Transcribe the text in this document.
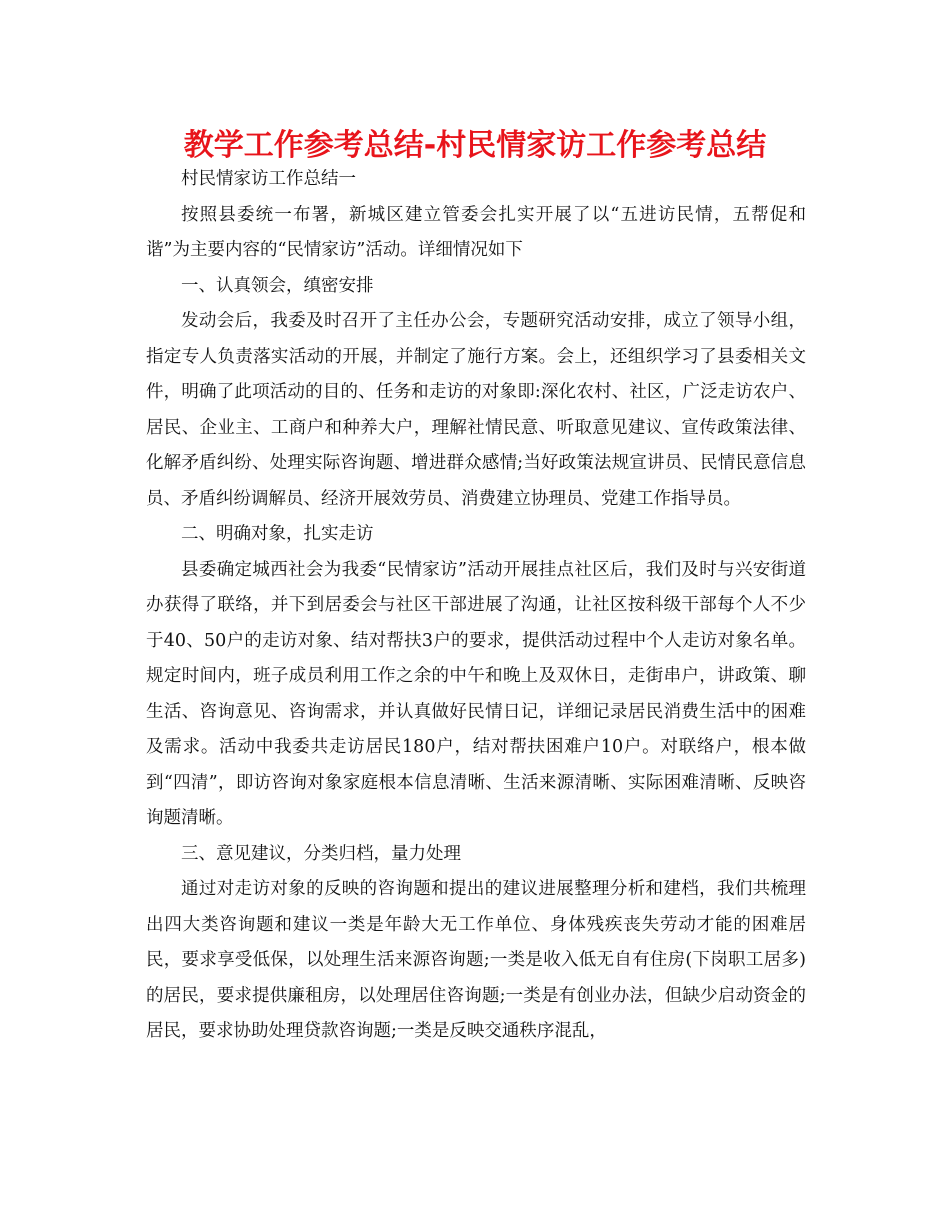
教学工作参考总结-村民情家访工作参考总结

村民情家访工作总结一

按照县委统一布署，新城区建立管委会扎实开展了以“五进访民情，五帮促和谐”为主要内容的“民情家访”活动。详细情况如下

一、认真领会，缜密安排

发动会后，我委及时召开了主任办公会，专题研究活动安排，成立了领导小组，指定专人负责落实活动的开展，并制定了施行方案。会上，还组织学习了县委相关文件，明确了此项活动的目的、任务和走访的对象即:深化农村、社区，广泛走访农户、居民、企业主、工商户和种养大户，理解社情民意、听取意见建议、宣传政策法律、化解矛盾纠纷、处理实际咨询题、增进群众感情;当好政策法规宣讲员、民情民意信息员、矛盾纠纷调解员、经济开展效劳员、消费建立协理员、党建工作指导员。

二、明确对象，扎实走访

县委确定城西社会为我委“民情家访”活动开展挂点社区后，我们及时与兴安街道办获得了联络，并下到居委会与社区干部进展了沟通，让社区按科级干部每个人不少于40、50户的走访对象、结对帮扶3户的要求，提供活动过程中个人走访对象名单。规定时间内，班子成员利用工作之余的中午和晚上及双休日，走街串户，讲政策、聊生活、咨询意见、咨询需求，并认真做好民情日记，详细记录居民消费生活中的困难及需求。活动中我委共走访居民180户，结对帮扶困难户10户。对联络户，根本做到“四清”，即访咨询对象家庭根本信息清晰、生活来源清晰、实际困难清晰、反映咨询题清晰。

三、意见建议，分类归档，量力处理

通过对走访对象的反映的咨询题和提出的建议进展整理分析和建档，我们共梳理出四大类咨询题和建议一类是年龄大无工作单位、身体残疾丧失劳动才能的困难居民，要求享受低保，以处理生活来源咨询题;一类是收入低无自有住房(下岗职工居多)的居民，要求提供廉租房，以处理居住咨询题;一类是有创业办法，但缺少启动资金的居民，要求协助处理贷款咨询题;一类是反映交通秩序混乱，
